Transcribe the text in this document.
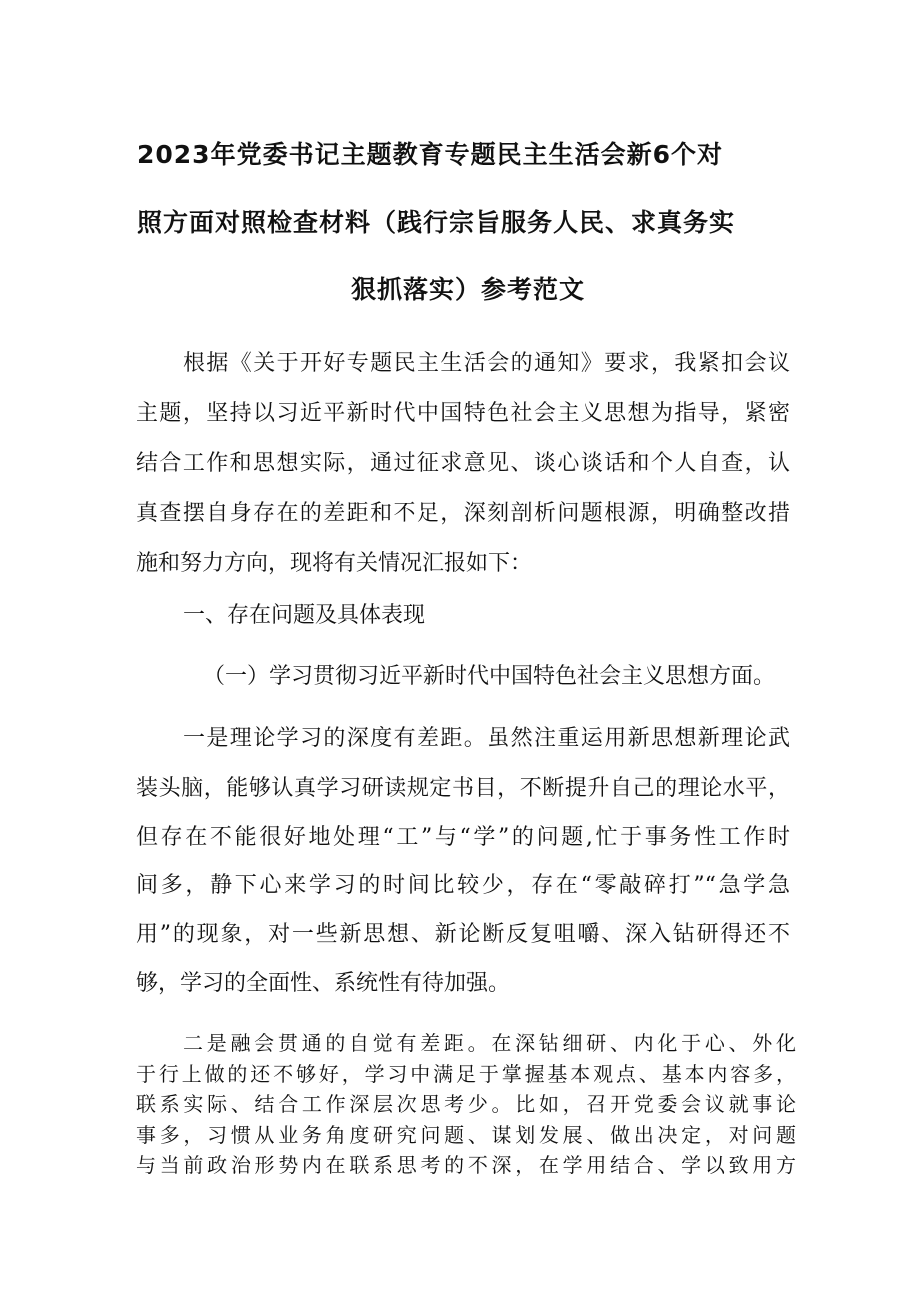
2023年党委书记主题教育专题民主生活会新6个对
照方面对照检查材料（践行宗旨服务人民、求真务实
狠抓落实）参考范文
根据《关于开好专题民主生活会的通知》要求，我紧扣会议
主题，坚持以习近平新时代中国特色社会主义思想为指导，紧密
结合工作和思想实际，通过征求意见、谈心谈话和个人自查，认
真查摆自身存在的差距和不足，深刻剖析问题根源，明确整改措
施和努力方向，现将有关情况汇报如下：
一、存在问题及具体表现
（一）学习贯彻习近平新时代中国特色社会主义思想方面。
一是理论学习的深度有差距。虽然注重运用新思想新理论武
装头脑，能够认真学习研读规定书目，不断提升自己的理论水平，
但存在不能很好地处理“工”与“学”的问题,忙于事务性工作时
间多，静下心来学习的时间比较少，存在“零敲碎打”“急学急
用”的现象，对一些新思想、新论断反复咀嚼、深入钻研得还不
够，学习的全面性、系统性有待加强。
二是融会贯通的自觉有差距。在深钻细研、内化于心、外化
于行上做的还不够好，学习中满足于掌握基本观点、基本内容多，
联系实际、结合工作深层次思考少。比如，召开党委会议就事论
事多，习惯从业务角度研究问题、谋划发展、做出决定，对问题
与当前政治形势内在联系思考的不深，在学用结合、学以致用方
